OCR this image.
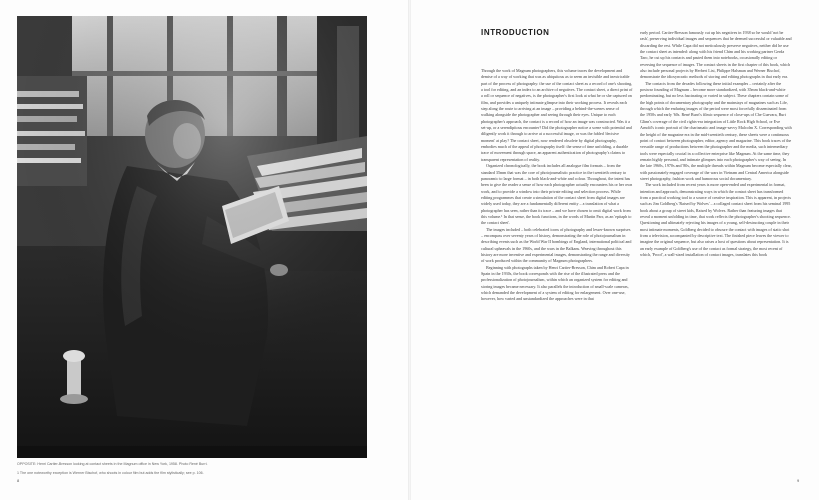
OPPOSITE: Henri Cartier-Bresson looking at contact sheets in the Magnum office in New York, 1958. Photo René Burri.
1 The one noteworthy exception is Werner Bischof, who shoots in colour film but adds the film stylistically; see p. 106.
8
INTRODUCTION

Through the work of Magnum photographers, this volume traces the development and demise of a way of working that was as ubiquitous as to seem an invisible and inextricable part of the process of photography: the use of the contact sheet as a record of one's shooting, a tool for editing, and an index to an archive of negatives. The contact sheet, a direct print of a roll or sequence of negatives, is the photographer's first look at what he or she captured on film, and provides a uniquely intimate glimpse into their working process. It reveals each step along the route to arriving at an image – providing a behind-the-scenes sense of walking alongside the photographer and seeing through their eyes. Unique to each photographer's approach, the contact is a record of how an image was constructed. Was it a set-up, or a serendipitous encounter? Did the photographer notice a scene with potential and diligently work it through to arrive at a successful image, or was the fabled 'decisive moment' at play? The contact sheet, now rendered obsolete by digital photography, embodies much of the appeal of photography itself: the sense of time unfolding, a durable trace of movement through space, an apparent authentication of photography's claims to transparent representation of reality.

Organized chronologically, the book includes all analogue film formats – from the standard 35mm that was the core of photojournalistic practice in the twentieth century to panoramic to large format – in both black-and-white and colour. Throughout, the intent has been to give the reader a sense of how each photographer actually encounters his or her own work, and to provide a window into their private editing and selection process. While editing programmes that create a simulation of the contact sheet from digital images are widely used today, they are a fundamentally different entity – a translation of what a photographer has seen, rather than its trace – and we have chosen to omit digital work from this volume.¹ In that sense, the book functions, in the words of Martin Parr, as an 'epitaph to the contact sheet'.

The images included – both celebrated icons of photography and lesser-known surprises – encompass over seventy years of history, demonstrating the role of photojournalism in describing events such as the World War II bombings of England, international political and cultural upheavals in the 1960s, and the wars in the Balkans. Weaving throughout this history are more inventive and experimental images, demonstrating the range and diversity of work produced within the community of Magnum photographers.

Beginning with photographs taken by Henri Cartier-Bresson, Chim and Robert Capa in Spain in the 1930s, the book corresponds with the rise of the illustrated press and the professionalization of photojournalism, within which an organized system for editing and storing images became necessary. It also parallels the introduction of small-scale cameras, which demanded the development of a system of editing for enlargement. Over one-use, however, how varied and unstandardized the approaches were in that

early period. Cartier-Bresson famously cut up his negatives in 1938 so he would 'not be rash', preserving individual images and sequences that he deemed successful or valuable and discarding the rest. While Capa did not meticulously preserve negatives, neither did he use the contact sheet as intended: along with his friend Chim and his working partner Gerda Taro, he cut up his contacts and pasted them into notebooks, occasionally editing or reversing the sequence of images. The contact sheets in the first chapter of this book, which also include personal projects by Herbert List, Philippe Halsman and Werner Bischof, demonstrate the idiosyncratic methods of storing and editing photographs in that early era.

The contacts from the decades following these initial examples – certainly after the postwar founding of Magnum – become more standardized, with 35mm black-and-white predominating, but no less fascinating or varied in subject. These chapters contain some of the high points of documentary photography and the mainstays of magazines such as Life, through which the enduring images of the period were most forcefully disseminated from the 1950s and early '60s. René Burri's filmic sequence of close-ups of Che Guevara, Burt Glinn's coverage of the civil rights-era integration of Little Rock High School, or Eve Arnold's iconic portrait of the charismatic and image-savvy Malcolm X. Corresponding with the height of the magazine era in the mid-twentieth century, these sheets were a continuous point of contact between photographer, editor, agency and magazine. This book traces of the versatile range of productions between the photographer and the media, such intermediary tools were especially crucial in a collective enterprise like Magnum. At the same time, they remain highly personal, and intimate glimpses into each photographer's way of seeing. In the late 1960s, 1970s and '80s, the multiple threads within Magnum become especially clear, with passionately engaged coverage of the wars in Vietnam and Central America alongside street photography, fashion work and humorous social documentary.

The work included from recent years is more open-ended and experimental in format, intention and approach, demonstrating ways in which the contact sheet has transformed from a practical working tool to a source of creative inspiration. This is apparent, in projects such as Jim Goldberg's 'Raised by Wolves' – a collaged contact sheet from his seminal 1995 book about a group of street kids, Raised by Wolves. Rather than featuring images that reveal a moment unfolding in time, that work reflects the photographer's shooting sequence. Questioning and ultimately rejecting his images of a young, self-destructing couple in their most intimate moments, Goldberg decided to obscure the contact with images of static shot from a television, accompanied by descriptive text. The finished piece leaves the viewer to imagine the original sequence, but also raises a host of questions about representation. It is an early example of Goldberg's use of the contact as formal strategy, the most recent of which, 'Proof', a wall-sized installation of contact images, translates this book

9
